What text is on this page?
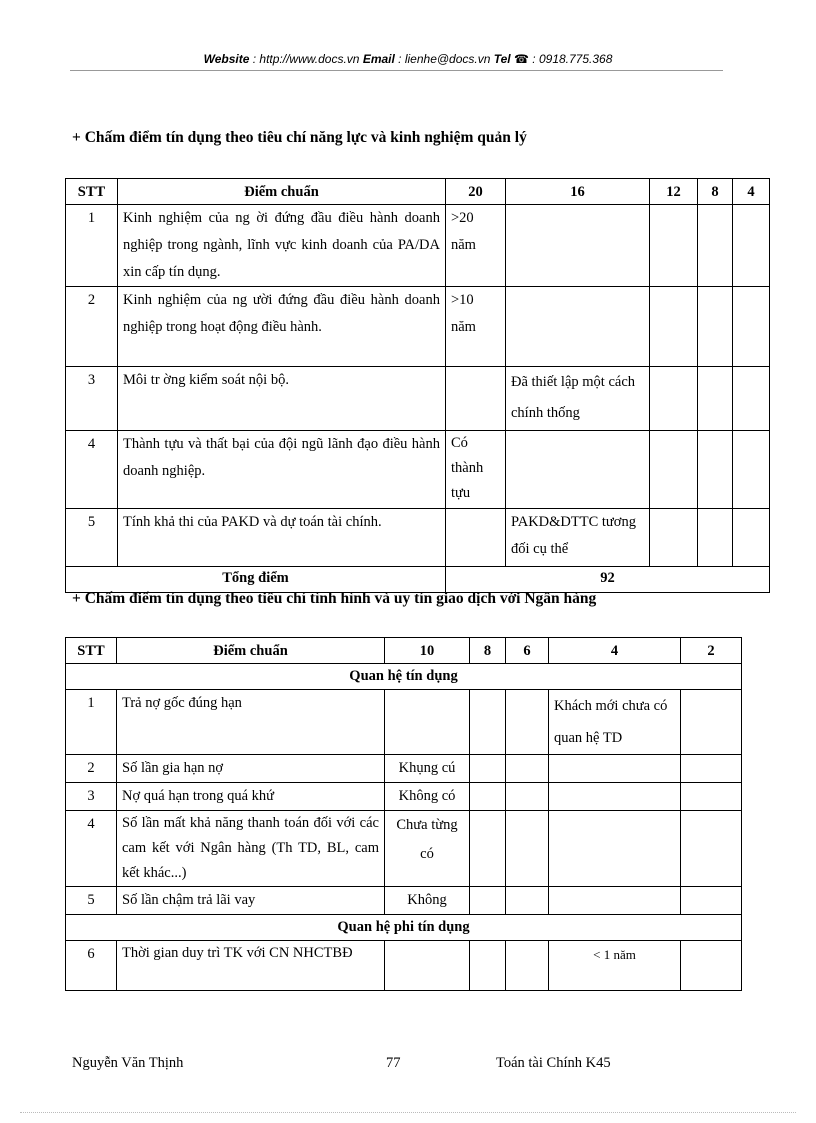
Website : http://www.docs.vn Email : lienhe@docs.vn Tel ☎ : 0918.775.368
+ Chấm điểm tín dụng theo tiêu chí năng lực và kinh nghiệm quản lý
STT	Điểm chuẩn	20	16	12	8	4
1	Kinh nghiệm của ng ời đứng đầu điều hành doanh nghiệp trong ngành, lĩnh vực kinh doanh của PA/DA xin cấp tín dụng.	>20 năm				
2	Kinh nghiệm của ng ười đứng đầu điều hành doanh nghiệp trong hoạt động điều hành.	>10 năm				
3	Môi tr ờng kiểm soát nội bộ.		Đã thiết lập một cách chính thống			
4	Thành tựu và thất bại của đội ngũ lãnh đạo điều hành doanh nghiệp.	Có thành tựu				
5	Tính khả thi của PAKD và dự toán tài chính.		PAKD&DTTC tương đối cụ thể			
Tổng điểm		92				
+ Chấm điểm tín dụng theo tiêu chí tình hình và uy tín giao dịch với Ngân hàng
STT	Điểm chuẩn	10	8	6	4	2
Quan hệ tín dụng						
1	Trả nợ gốc đúng hạn				Khách mới chưa có quan hệ TD	
2	Số lần gia hạn nợ	Khụng cú				
3	Nợ quá hạn trong quá khứ	Không có				
4	Số lần mất khả năng thanh toán đối với các cam kết với Ngân hàng (Th TD, BL, cam kết khác...)	Chưa từng có				
5	Số lần chậm trả lãi vay	Không				
Quan hệ phi tín dụng						
6	Thời gian duy trì TK với CN NHCTBĐ				< 1 năm	
Nguyễn Văn Thịnh	77	Toán tài Chính K45
